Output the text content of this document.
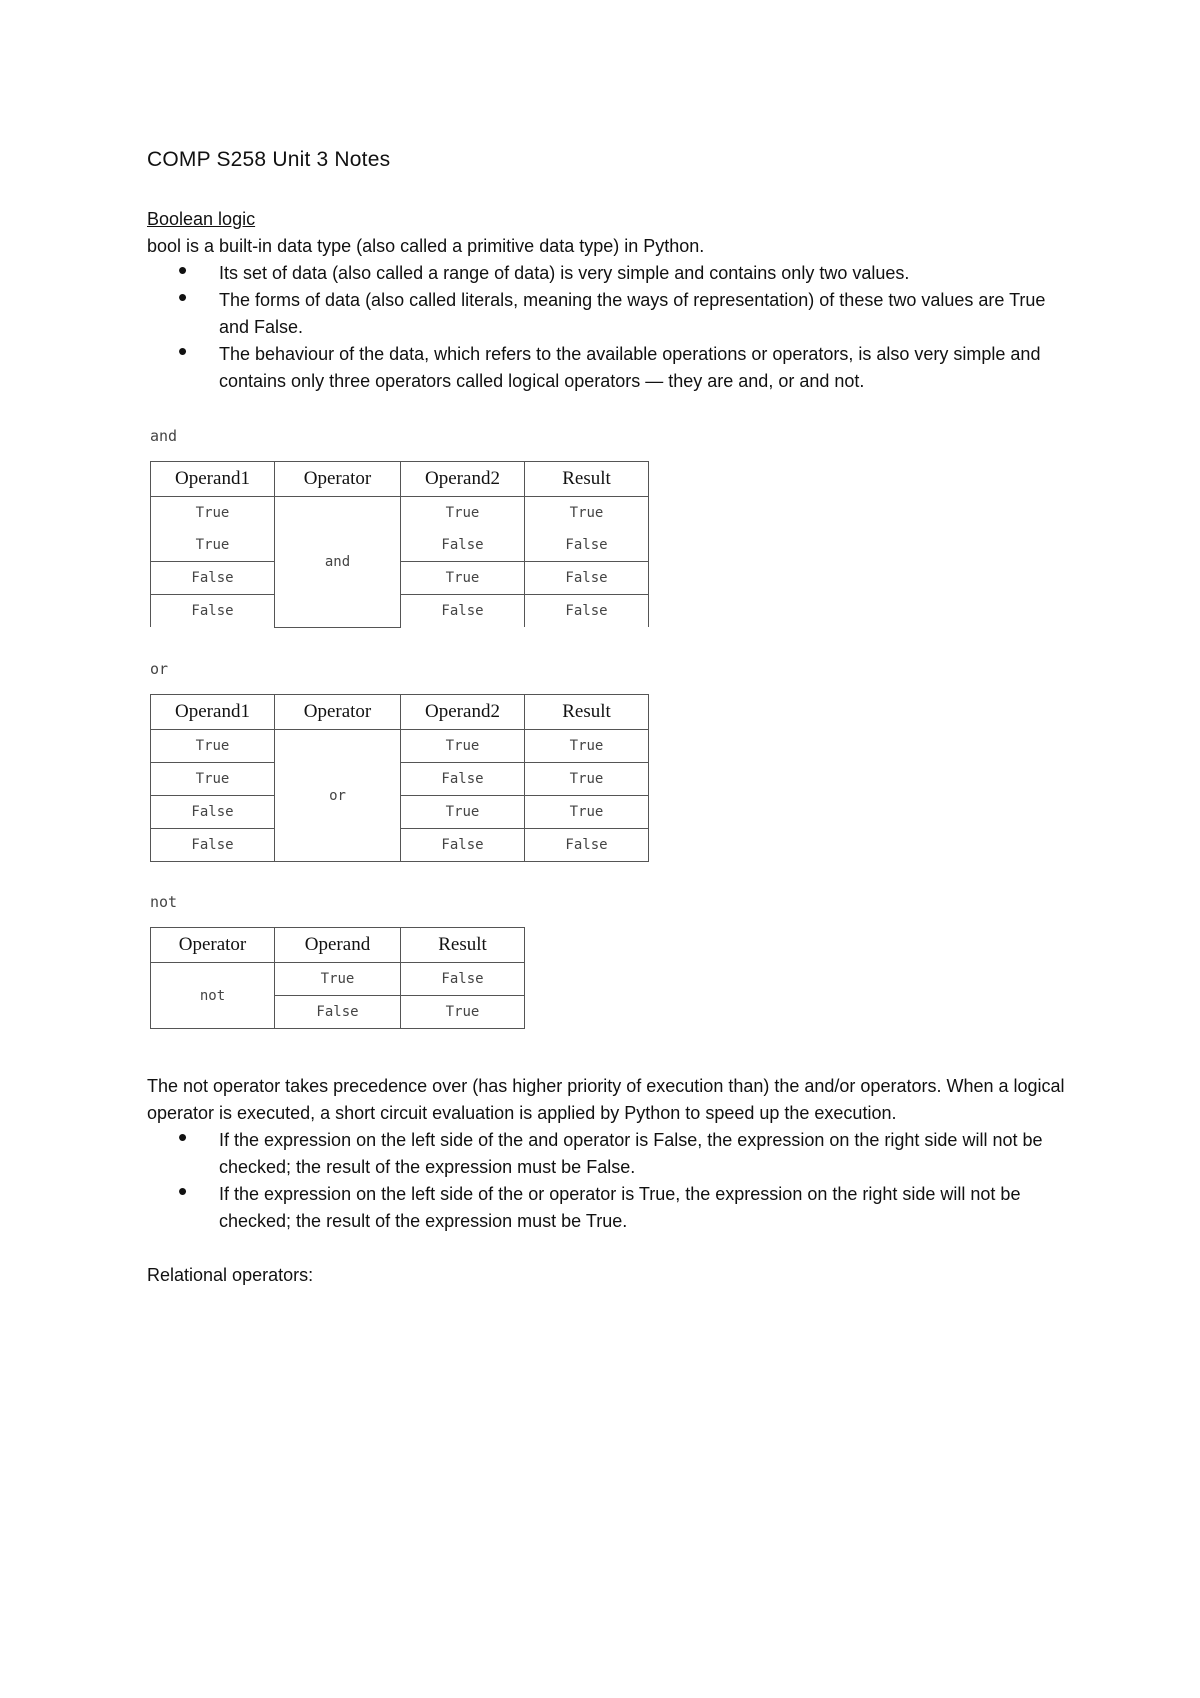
COMP S258 Unit 3 Notes
Boolean logic
bool is a built-in data type (also called a primitive data type) in Python.
• Its set of data (also called a range of data) is very simple and contains only two values.
• The forms of data (also called literals, meaning the ways of representation) of these two values are True and False.
• The behaviour of the data, which refers to the available operations or operators, is also very simple and contains only three operators called logical operators — they are and, or and not.
and
Operand1	Operator	Operand2	Result
True	and	True	True
True		False	False
False		True	False
False		False	False
or
Operand1	Operator	Operand2	Result
True	or	True	True
True		False	True
False		True	True
False		False	False
not
Operator	Operand	Result
not	True	False
	False	True
The not operator takes precedence over (has higher priority of execution than) the and/or operators. When a logical operator is executed, a short circuit evaluation is applied by Python to speed up the execution.
• If the expression on the left side of the and operator is False, the expression on the right side will not be checked; the result of the expression must be False.
• If the expression on the left side of the or operator is True, the expression on the right side will not be checked; the result of the expression must be True.
Relational operators:
